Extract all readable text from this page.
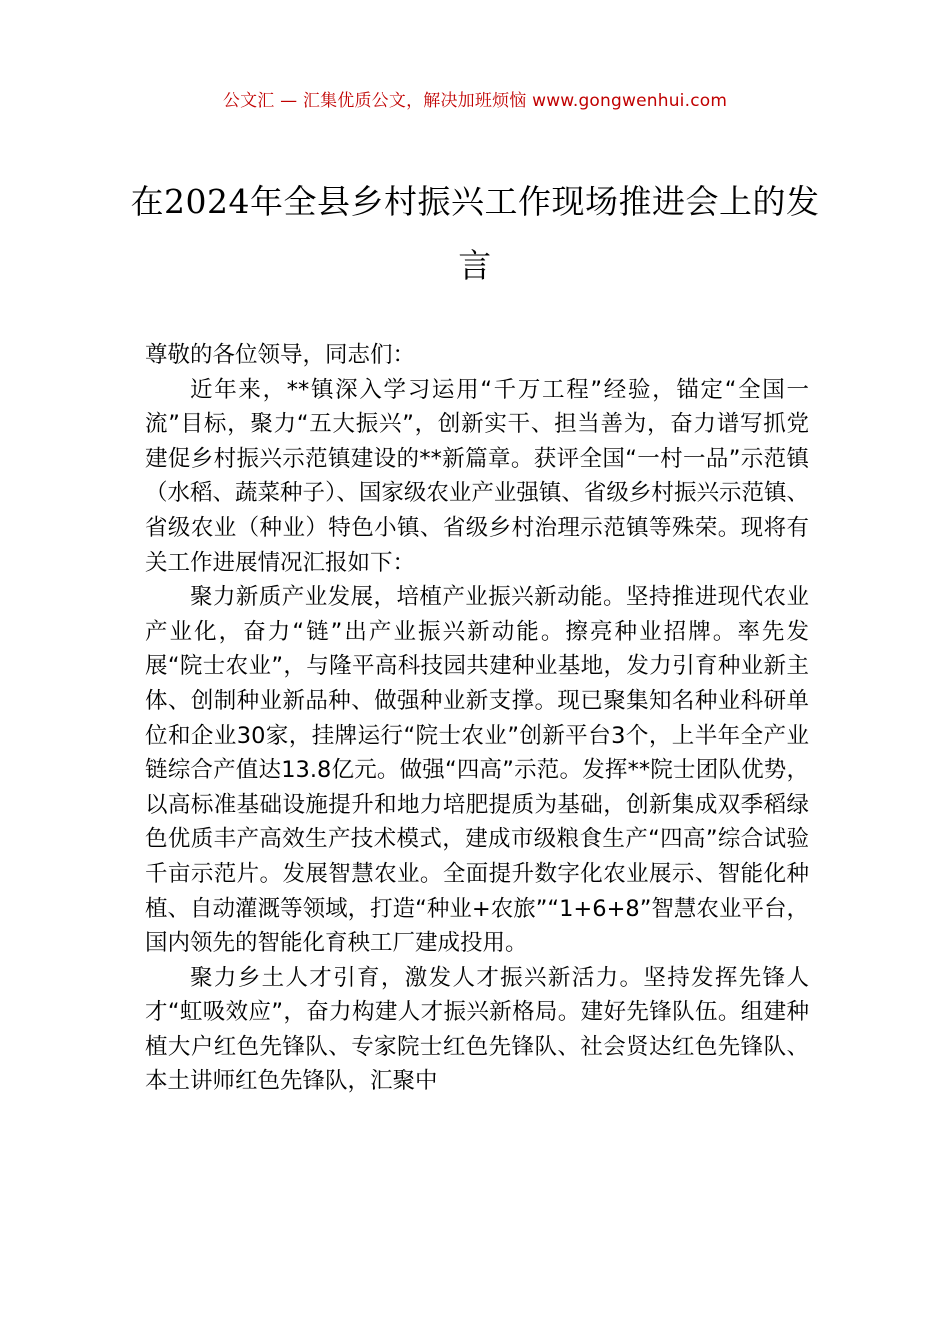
公文汇 — 汇集优质公文，解决加班烦恼 www.gongwenhui.com
在2024年全县乡村振兴工作现场推进会上的发言

尊敬的各位领导，同志们：

近年来，**镇深入学习运用“千万工程”经验，锚定“全国一流”目标，聚力“五大振兴”，创新实干、担当善为，奋力谱写抓党建促乡村振兴示范镇建设的**新篇章。获评全国“一村一品”示范镇（水稻、蔬菜种子）、国家级农业产业强镇、省级乡村振兴示范镇、省级农业（种业）特色小镇、省级乡村治理示范镇等殊荣。现将有关工作进展情况汇报如下：

聚力新质产业发展，培植产业振兴新动能。坚持推进现代农业产业化，奋力“链”出产业振兴新动能。擦亮种业招牌。率先发展“院士农业”，与隆平高科技园共建种业基地，发力引育种业新主体、创制种业新品种、做强种业新支撑。现已聚集知名种业科研单位和企业30家，挂牌运行“院士农业”创新平台3个，上半年全产业链综合产值达13.8亿元。做强“四高”示范。发挥**院士团队优势，以高标准基础设施提升和地力培肥提质为基础，创新集成双季稻绿色优质丰产高效生产技术模式，建成市级粮食生产“四高”综合试验千亩示范片。发展智慧农业。全面提升数字化农业展示、智能化种植、自动灌溉等领域，打造“种业+农旅”“1+6+8”智慧农业平台，国内领先的智能化育秧工厂建成投用。

聚力乡土人才引育，激发人才振兴新活力。坚持发挥先锋人才“虹吸效应”，奋力构建人才振兴新格局。建好先锋队伍。组建种植大户红色先锋队、专家院士红色先锋队、社会贤达红色先锋队、本土讲师红色先锋队，汇聚中
